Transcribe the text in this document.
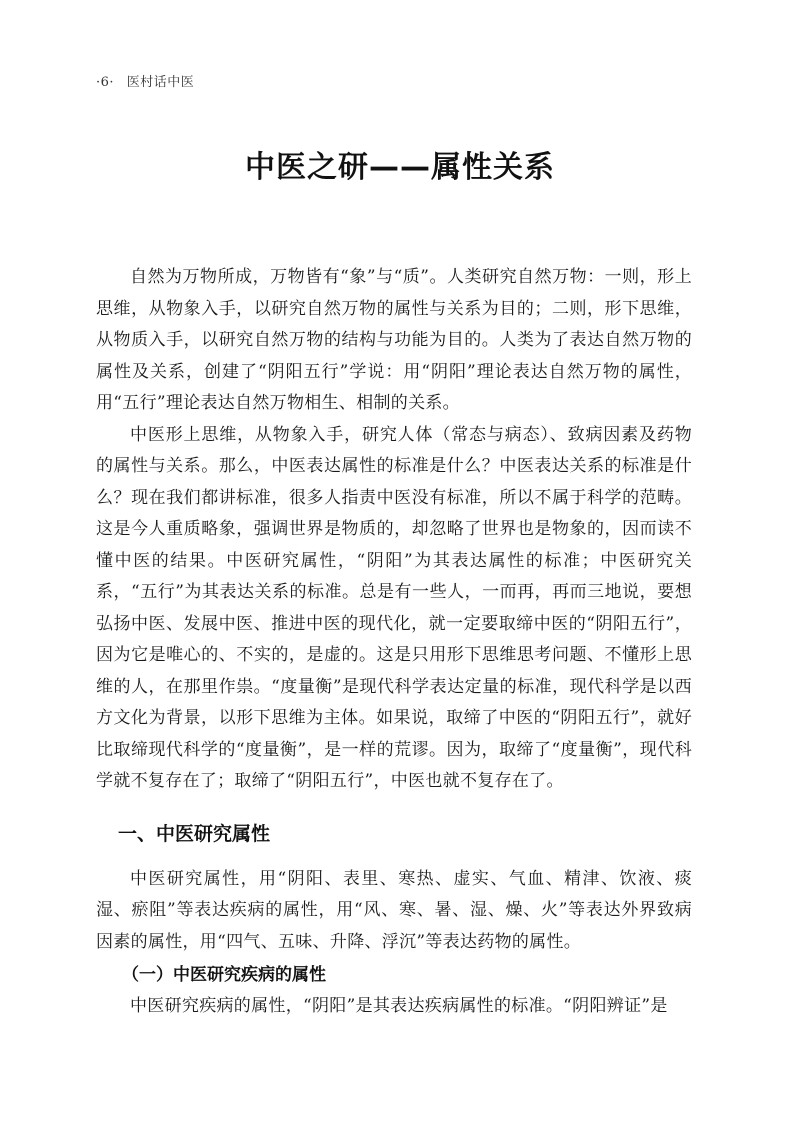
·6· 医村话中医
中医之研——属性关系

自然为万物所成，万物皆有“象”与“质”。人类研究自然万物：一则，形上思维，从物象入手，以研究自然万物的属性与关系为目的；二则，形下思维，从物质入手，以研究自然万物的结构与功能为目的。人类为了表达自然万物的属性及关系，创建了“阴阳五行”学说：用“阴阳”理论表达自然万物的属性，用“五行”理论表达自然万物相生、相制的关系。

中医形上思维，从物象入手，研究人体（常态与病态）、致病因素及药物的属性与关系。那么，中医表达属性的标准是什么？中医表达关系的标准是什么？现在我们都讲标准，很多人指责中医没有标准，所以不属于科学的范畴。这是今人重质略象，强调世界是物质的，却忽略了世界也是物象的，因而读不懂中医的结果。中医研究属性，“阴阳”为其表达属性的标准；中医研究关系，“五行”为其表达关系的标准。总是有一些人，一而再，再而三地说，要想弘扬中医、发展中医、推进中医的现代化，就一定要取缔中医的“阴阳五行”，因为它是唯心的、不实的，是虚的。这是只用形下思维思考问题、不懂形上思维的人，在那里作祟。“度量衡”是现代科学表达定量的标准，现代科学是以西方文化为背景，以形下思维为主体。如果说，取缔了中医的“阴阳五行”，就好比取缔现代科学的“度量衡”，是一样的荒谬。因为，取缔了“度量衡”，现代科学就不复存在了；取缔了“阴阳五行”，中医也就不复存在了。

一、中医研究属性

中医研究属性，用“阴阳、表里、寒热、虚实、气血、精津、饮液、痰湿、瘀阻”等表达疾病的属性，用“风、寒、暑、湿、燥、火”等表达外界致病因素的属性，用“四气、五味、升降、浮沉”等表达药物的属性。

（一）中医研究疾病的属性

中医研究疾病的属性，“阴阳”是其表达疾病属性的标准。“阴阳辨证”是
